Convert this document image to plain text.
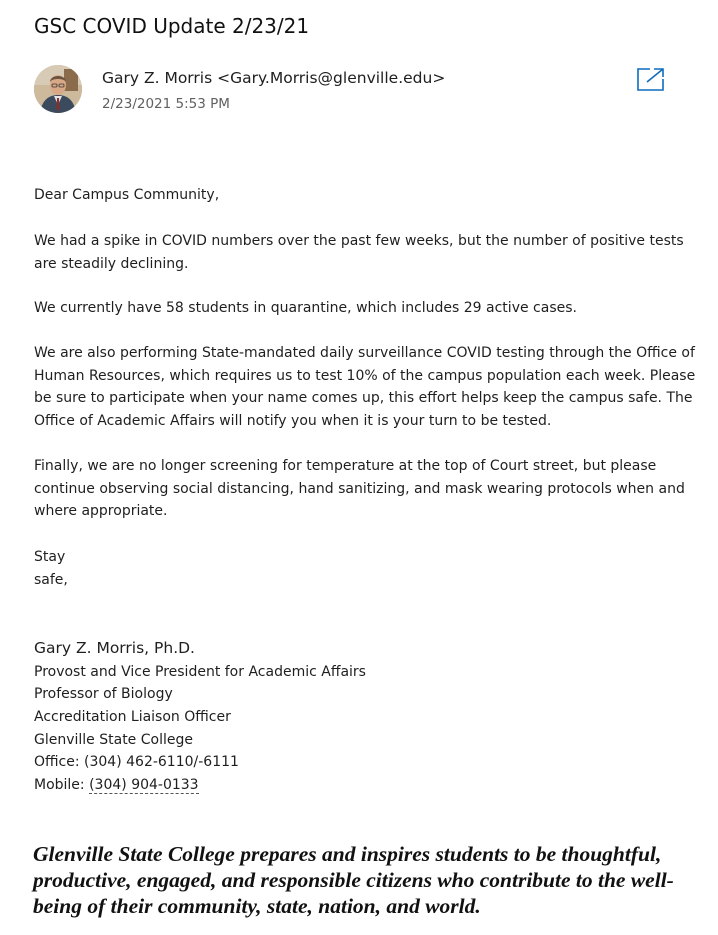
GSC COVID Update 2/23/21
Gary Z. Morris <Gary.Morris@glenville.edu>
2/23/2021 5:53 PM
Dear Campus Community,
We had a spike in COVID numbers over the past few weeks, but the number of positive tests are steadily declining.
We currently have 58 students in quarantine, which includes 29 active cases.
We are also performing State-mandated daily surveillance COVID testing through the Office of Human Resources, which requires us to test 10% of the campus population each week. Please be sure to participate when your name comes up, this effort helps keep the campus safe. The Office of Academic Affairs will notify you when it is your turn to be tested.
Finally, we are no longer screening for temperature at the top of Court street, but please continue observing social distancing, hand sanitizing, and mask wearing protocols when and where appropriate.
Stay
safe,
Gary Z. Morris, Ph.D.
Provost and Vice President for Academic Affairs
Professor of Biology
Accreditation Liaison Officer
Glenville State College
Office: (304) 462-6110/-6111
Mobile: (304) 904-0133
Glenville State College prepares and inspires students to be thoughtful, productive, engaged, and responsible citizens who contribute to the well-being of their community, state, nation, and world.
